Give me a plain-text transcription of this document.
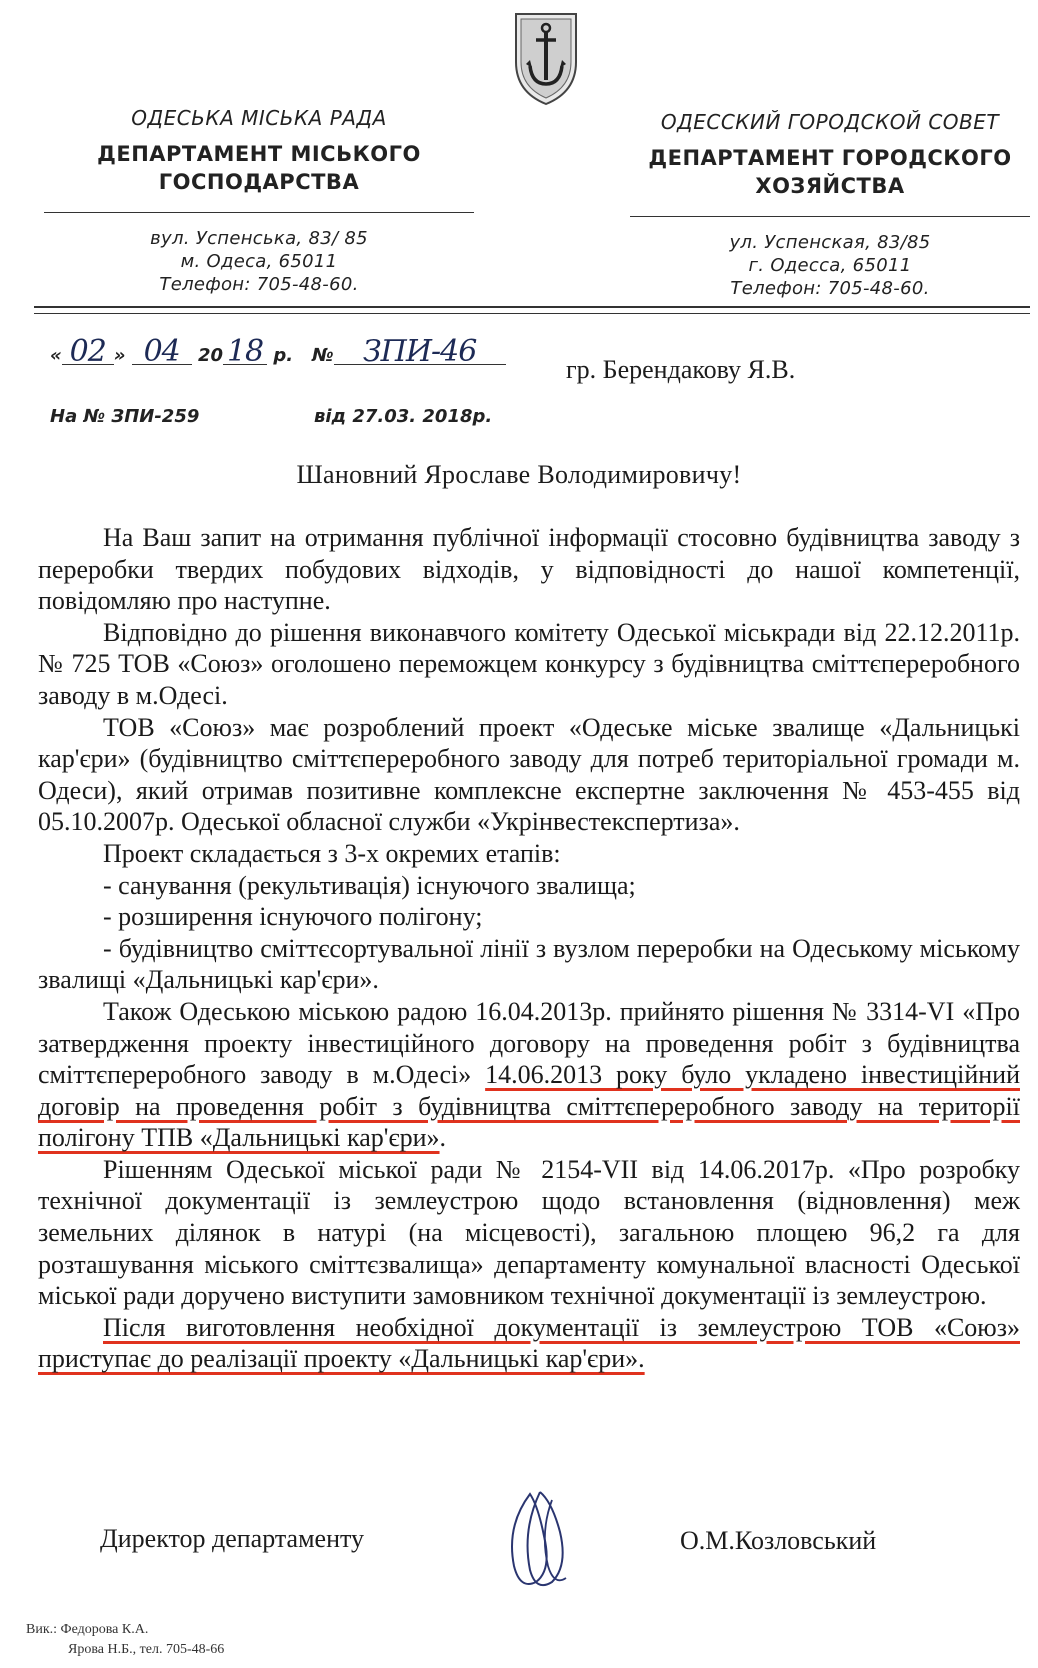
ОДЕСЬКА МІСЬКА РАДА
ДЕПАРТАМЕНТ МІСЬКОГО
ГОСПОДАРСТВА
вул. Успенська, 83/ 85
м. Одеса, 65011
Телефон: 705-48-60.
ОДЕССКИЙ ГОРОДСКОЙ СОВЕТ
ДЕПАРТАМЕНТ ГОРОДСКОГО
ХОЗЯЙСТВА
ул. Успенская, 83/85
г. Одесса, 65011
Телефон: 705-48-60.
« 02 » 04 20 18 р. № ЗПИ-46
На № ЗПИ-259	від 27.03. 2018р.
гр. Берендакову Я.В.
Шановний Ярославе Володимировичу!

На Ваш запит на отримання публічної інформації стосовно будівництва заводу з переробки твердих побудових відходів, у відповідності до нашої компетенції, повідомляю про наступне.

Відповідно до рішення виконавчого комітету Одеської міськради від 22.12.2011р. № 725 ТОВ «Союз» оголошено переможцем конкурсу з будівництва сміттєпереробного заводу в м.Одесі.

ТОВ «Союз» має розроблений проект «Одеське міське звалище «Дальницькі кар'єри» (будівництво сміттєпереробного заводу для потреб територіальної громади м. Одеси), який отримав позитивне комплексне експертне заключення № 453-455 від 05.10.2007р. Одеської обласної служби «Укрінвестекспертиза».

Проект складається з 3-х окремих етапів:

- санування (рекультивація) існуючого звалища;

- розширення існуючого полігону;

- будівництво сміттєсортувальної лінії з вузлом переробки на Одеському міському звалищі «Дальницькі кар'єри».

Також Одеською міською радою 16.04.2013р. прийнято рішення № 3314-VI «Про затвердження проекту інвестиційного договору на проведення робіт з будівництва сміттєпереробного заводу в м.Одесі» 14.06.2013 року було укладено інвестиційний договір на проведення робіт з будівництва сміттєпереробного заводу на території полігону ТПВ «Дальницькі кар'єри».

Рішенням Одеської міської ради № 2154-VII від 14.06.2017р. «Про розробку технічної документації із землеустрою щодо встановлення (відновлення) меж земельних ділянок в натурі (на місцевості), загальною площею 96,2 га для розташування міського сміттєзвалища» департаменту комунальної власності Одеської міської ради доручено виступити замовником технічної документації із землеустрою.

Після виготовлення необхідної документації із землеустрою ТОВ «Союз» приступає до реалізації проекту «Дальницькі кар'єри».

Директор департаменту	О.М.Козловський
Вик.: Федорова К.А.
Ярова Н.Б., тел. 705-48-66
